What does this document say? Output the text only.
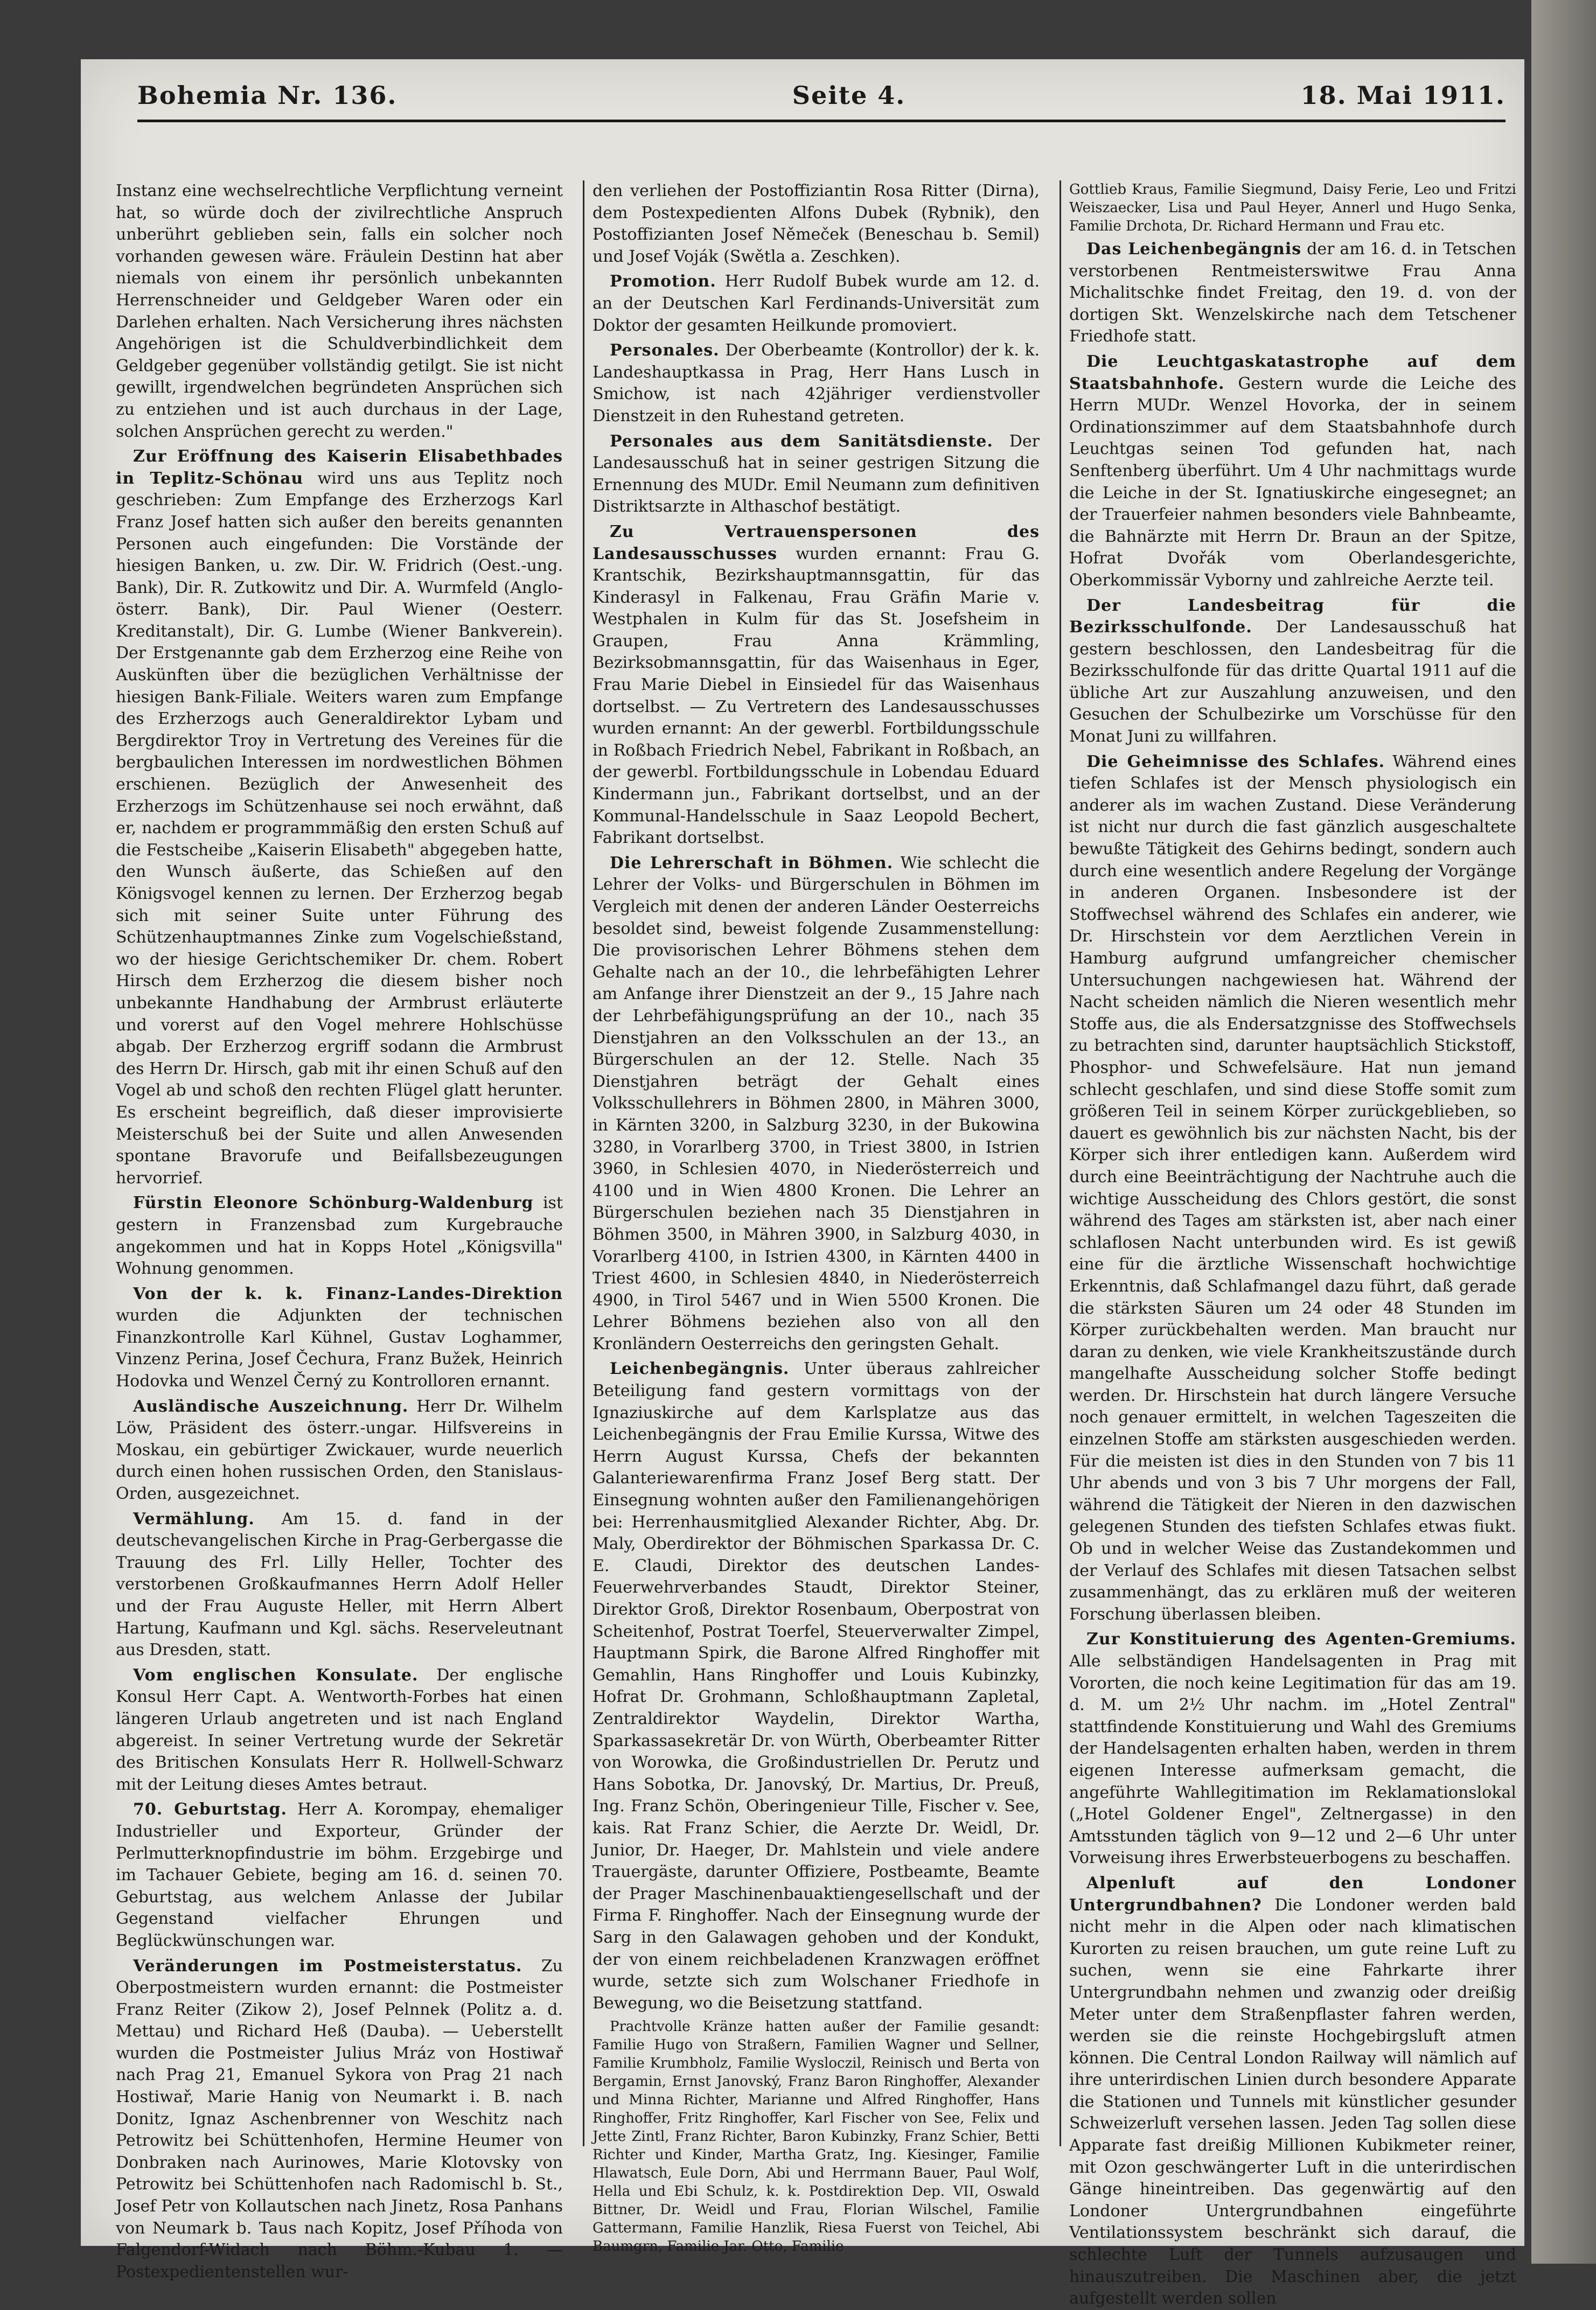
Bohemia Nr. 136.	Seite 4.	18. Mai 1911.

Instanz eine wechselrechtliche Verpflichtung verneint hat, so würde doch der zivilrechtliche Anspruch unberührt geblieben sein, falls ein solcher noch vorhanden gewesen wäre. Fräulein Destinn hat aber niemals von einem ihr persönlich unbekannten Herrenschneider und Geldgeber Waren oder ein Darlehen erhalten. Nach Versicherung ihres nächsten Angehörigen ist die Schuldverbindlichkeit dem Geldgeber gegenüber vollständig getilgt. Sie ist nicht gewillt, irgendwelchen begründeten Ansprüchen sich zu entziehen und ist auch durchaus in der Lage, solchen Ansprüchen gerecht zu werden."

Zur Eröffnung des Kaiserin Elisabethbades in Teplitz-Schönau wird uns aus Teplitz noch geschrieben: Zum Empfange des Erzherzogs Karl Franz Josef hatten sich außer den bereits genannten Personen auch eingefunden: Die Vorstände der hiesigen Banken, u. zw. Dir. W. Fridrich (Oest.-ung. Bank), Dir. R. Zutkowitz und Dir. A. Wurmfeld (Anglo-österr. Bank), Dir. Paul Wiener (Oesterr. Kreditanstalt), Dir. G. Lumbe (Wiener Bankverein). Der Erstgenannte gab dem Erzherzog eine Reihe von Auskünften über die bezüglichen Verhältnisse der hiesigen Bank-Filiale. Weiters waren zum Empfange des Erzherzogs auch Generaldirektor Lybam und Bergdirektor Troy in Vertretung des Vereines für die bergbaulichen Interessen im nordwestlichen Böhmen erschienen. Bezüglich der Anwesenheit des Erzherzogs im Schützenhause sei noch erwähnt, daß er, nachdem er programmmäßig den ersten Schuß auf die Festscheibe „Kaiserin Elisabeth" abgegeben hatte, den Wunsch äußerte, das Schießen auf den Königsvogel kennen zu lernen. Der Erzherzog begab sich mit seiner Suite unter Führung des Schützenhauptmannes Zinke zum Vogelschießstand, wo der hiesige Gerichtschemiker Dr. chem. Robert Hirsch dem Erzherzog die diesem bisher noch unbekannte Handhabung der Armbrust erläuterte und vorerst auf den Vogel mehrere Hohlschüsse abgab. Der Erzherzog ergriff sodann die Armbrust des Herrn Dr. Hirsch, gab mit ihr einen Schuß auf den Vogel ab und schoß den rechten Flügel glatt herunter. Es erscheint begreiflich, daß dieser improvisierte Meisterschuß bei der Suite und allen Anwesenden spontane Bravorufe und Beifallsbezeugungen hervorrief.

Fürstin Eleonore Schönburg-Waldenburg ist gestern in Franzensbad zum Kurgebrauche angekommen und hat in Kopps Hotel „Königsvilla" Wohnung genommen.

Von der k. k. Finanz-Landes-Direktion wurden die Adjunkten der technischen Finanzkontrolle Karl Kühnel, Gustav Loghammer, Vinzenz Perina, Josef Čechura, Franz Bužek, Heinrich Hodovka und Wenzel Černý zu Kontrolloren ernannt.

Ausländische Auszeichnung. Herr Dr. Wilhelm Löw, Präsident des österr.-ungar. Hilfsvereins in Moskau, ein gebürtiger Zwickauer, wurde neuerlich durch einen hohen russischen Orden, den Stanislaus-Orden, ausgezeichnet.

Vermählung. Am 15. d. fand in der deutschevangelischen Kirche in Prag-Gerbergasse die Trauung des Frl. Lilly Heller, Tochter des verstorbenen Großkaufmannes Herrn Adolf Heller und der Frau Auguste Heller, mit Herrn Albert Hartung, Kaufmann und Kgl. sächs. Reserveleutnant aus Dresden, statt.

Vom englischen Konsulate. Der englische Konsul Herr Capt. A. Wentworth-Forbes hat einen längeren Urlaub angetreten und ist nach England abgereist. In seiner Vertretung wurde der Sekretär des Britischen Konsulats Herr R. Hollwell-Schwarz mit der Leitung dieses Amtes betraut.

70. Geburtstag. Herr A. Korompay, ehemaliger Industrieller und Exporteur, Gründer der Perlmutterknopfindustrie im böhm. Erzgebirge und im Tachauer Gebiete, beging am 16. d. seinen 70. Geburtstag, aus welchem Anlasse der Jubilar Gegenstand vielfacher Ehrungen und Beglückwünschungen war.

Veränderungen im Postmeisterstatus. Zu Oberpostmeistern wurden ernannt: die Postmeister Franz Reiter (Zikow 2), Josef Pelnnek (Politz a. d. Mettau) und Richard Heß (Dauba). — Ueberstellt wurden die Postmeister Julius Mráz von Hostiwař nach Prag 21, Emanuel Sykora von Prag 21 nach Hostiwař, Marie Hanig von Neumarkt i. B. nach Donitz, Ignaz Aschenbrenner von Weschitz nach Petrowitz bei Schüttenhofen, Hermine Heumer von Donbraken nach Aurinowes, Marie Klotovsky von Petrowitz bei Schüttenhofen nach Radomischl b. St., Josef Petr von Kollautschen nach Jinetz, Rosa Panhans von Neumark b. Taus nach Kopitz, Josef Příhoda von Falgendorf-Widach nach Böhm.-Kubau 1. — Postexpedientenstellen wur-

den verliehen der Postoffiziantin Rosa Ritter (Dirna), dem Postexpedienten Alfons Dubek (Rybnik), den Postoffizianten Josef Němeček (Beneschau b. Semil) und Josef Voják (Swětla a. Zeschken).

Promotion. Herr Rudolf Bubek wurde am 12. d. an der Deutschen Karl Ferdinands-Universität zum Doktor der gesamten Heilkunde promoviert.

Personales. Der Oberbeamte (Kontrollor) der k. k. Landeshauptkassa in Prag, Herr Hans Lusch in Smichow, ist nach 42jähriger verdienstvoller Dienstzeit in den Ruhestand getreten.

Personales aus dem Sanitätsdienste. Der Landesausschuß hat in seiner gestrigen Sitzung die Ernennung des MUDr. Emil Neumann zum definitiven Distriktsarzte in Althaschof bestätigt.

Zu Vertrauenspersonen des Landesausschusses wurden ernannt: Frau G. Krantschik, Bezirkshauptmannsgattin, für das Kinderasyl in Falkenau, Frau Gräfin Marie v. Westphalen in Kulm für das St. Josefsheim in Graupen, Frau Anna Krämmling, Bezirksobmannsgattin, für das Waisenhaus in Eger, Frau Marie Diebel in Einsiedel für das Waisenhaus dortselbst. — Zu Vertretern des Landesausschusses wurden ernannt: An der gewerbl. Fortbildungsschule in Roßbach Friedrich Nebel, Fabrikant in Roßbach, an der gewerbl. Fortbildungsschule in Lobendau Eduard Kindermann jun., Fabrikant dortselbst, und an der Kommunal-Handelsschule in Saaz Leopold Bechert, Fabrikant dortselbst.

Die Lehrerschaft in Böhmen. Wie schlecht die Lehrer der Volks- und Bürgerschulen in Böhmen im Vergleich mit denen der anderen Länder Oesterreichs besoldet sind, beweist folgende Zusammenstellung: Die provisorischen Lehrer Böhmens stehen dem Gehalte nach an der 10., die lehrbefähigten Lehrer am Anfange ihrer Dienstzeit an der 9., 15 Jahre nach der Lehrbefähigungsprüfung an der 10., nach 35 Dienstjahren an den Volksschulen an der 13., an Bürgerschulen an der 12. Stelle. Nach 35 Dienstjahren beträgt der Gehalt eines Volksschullehrers in Böhmen 2800, in Mähren 3000, in Kärnten 3200, in Salzburg 3230, in der Bukowina 3280, in Vorarlberg 3700, in Triest 3800, in Istrien 3960, in Schlesien 4070, in Niederösterreich und 4100 und in Wien 4800 Kronen. Die Lehrer an Bürgerschulen beziehen nach 35 Dienstjahren in Böhmen 3500, in Mähren 3900, in Salzburg 4030, in Vorarlberg 4100, in Istrien 4300, in Kärnten 4400 in Triest 4600, in Schlesien 4840, in Niederösterreich 4900, in Tirol 5467 und in Wien 5500 Kronen. Die Lehrer Böhmens beziehen also von all den Kronländern Oesterreichs den geringsten Gehalt.

Leichenbegängnis. Unter überaus zahlreicher Beteiligung fand gestern vormittags von der Ignaziuskirche auf dem Karlsplatze aus das Leichenbegängnis der Frau Emilie Kurssa, Witwe des Herrn August Kurssa, Chefs der bekannten Galanteriewarenfirma Franz Josef Berg statt. Der Einsegnung wohnten außer den Familienangehörigen bei: Herrenhausmitglied Alexander Richter, Abg. Dr. Maly, Oberdirektor der Böhmischen Sparkassa Dr. C. E. Claudi, Direktor des deutschen Landes-Feuerwehrverbandes Staudt, Direktor Steiner, Direktor Groß, Direktor Rosenbaum, Oberpostrat von Scheitenhof, Postrat Toerfel, Steuerverwalter Zimpel, Hauptmann Spirk, die Barone Alfred Ringhoffer mit Gemahlin, Hans Ringhoffer und Louis Kubinzky, Hofrat Dr. Grohmann, Schloßhauptmann Zapletal, Zentraldirektor Waydelin, Direktor Wartha, Sparkassasekretär Dr. von Würth, Oberbeamter Ritter von Worowka, die Großindustriellen Dr. Perutz und Hans Sobotka, Dr. Janovský, Dr. Martius, Dr. Preuß, Ing. Franz Schön, Oberingenieur Tille, Fischer v. See, kais. Rat Franz Schier, die Aerzte Dr. Weidl, Dr. Junior, Dr. Haeger, Dr. Mahlstein und viele andere Trauergäste, darunter Offiziere, Postbeamte, Beamte der Prager Maschinenbauaktiengesellschaft und der Firma F. Ringhoffer. Nach der Einsegnung wurde der Sarg in den Galawagen gehoben und der Kondukt, der von einem reichbeladenen Kranzwagen eröffnet wurde, setzte sich zum Wolschaner Friedhofe in Bewegung, wo die Beisetzung stattfand.

Prachtvolle Kränze hatten außer der Familie gesandt: Familie Hugo von Straßern, Familien Wagner und Sellner, Familie Krumbholz, Familie Wysloczil, Reinisch und Berta von Bergamin, Ernst Janovský, Franz Baron Ringhoffer, Alexander und Minna Richter, Marianne und Alfred Ringhoffer, Hans Ringhoffer, Fritz Ringhoffer, Karl Fischer von See, Felix und Jette Zintl, Franz Richter, Baron Kubinzky, Franz Schier, Betti Richter und Kinder, Martha Gratz, Ing. Kiesinger, Familie Hlawatsch, Eule Dorn, Abi und Herrmann Bauer, Paul Wolf, Hella und Ebi Schulz, k. k. Postdirektion Dep. VII, Oswald Bittner, Dr. Weidl und Frau, Florian Wilschel, Familie Gattermann, Familie Hanzlik, Riesa Fuerst von Teichel, Abi Baumgrn, Familie Jar. Otto, Familie

Gottlieb Kraus, Familie Siegmund, Daisy Ferie, Leo und Fritzi Weiszaecker, Lisa und Paul Heyer, Annerl und Hugo Senka, Familie Drchota, Dr. Richard Hermann und Frau etc.

Das Leichenbegängnis der am 16. d. in Tetschen verstorbenen Rentmeisterswitwe Frau Anna Michalitschke findet Freitag, den 19. d. von der dortigen Skt. Wenzelskirche nach dem Tetschener Friedhofe statt.

Die Leuchtgaskatastrophe auf dem Staatsbahnhofe. Gestern wurde die Leiche des Herrn MUDr. Wenzel Hovorka, der in seinem Ordinationszimmer auf dem Staatsbahnhofe durch Leuchtgas seinen Tod gefunden hat, nach Senftenberg überführt. Um 4 Uhr nachmittags wurde die Leiche in der St. Ignatiuskirche eingesegnet; an der Trauerfeier nahmen besonders viele Bahnbeamte, die Bahnärzte mit Herrn Dr. Braun an der Spitze, Hofrat Dvořák vom Oberlandesgerichte, Oberkommissär Vyborny und zahlreiche Aerzte teil.

Der Landesbeitrag für die Bezirksschulfonde. Der Landesausschuß hat gestern beschlossen, den Landesbeitrag für die Bezirksschulfonde für das dritte Quartal 1911 auf die übliche Art zur Auszahlung anzuweisen, und den Gesuchen der Schulbezirke um Vorschüsse für den Monat Juni zu willfahren.

Die Geheimnisse des Schlafes. Während eines tiefen Schlafes ist der Mensch physiologisch ein anderer als im wachen Zustand. Diese Veränderung ist nicht nur durch die fast gänzlich ausgeschaltete bewußte Tätigkeit des Gehirns bedingt, sondern auch durch eine wesentlich andere Regelung der Vorgänge in anderen Organen. Insbesondere ist der Stoffwechsel während des Schlafes ein anderer, wie Dr. Hirschstein vor dem Aerztlichen Verein in Hamburg aufgrund umfangreicher chemischer Untersuchungen nachgewiesen hat. Während der Nacht scheiden nämlich die Nieren wesentlich mehr Stoffe aus, die als Endersatzgnisse des Stoffwechsels zu betrachten sind, darunter hauptsächlich Stickstoff, Phosphor- und Schwefelsäure. Hat nun jemand schlecht geschlafen, und sind diese Stoffe somit zum größeren Teil in seinem Körper zurückgeblieben, so dauert es gewöhnlich bis zur nächsten Nacht, bis der Körper sich ihrer entledigen kann. Außerdem wird durch eine Beeinträchtigung der Nachtruhe auch die wichtige Ausscheidung des Chlors gestört, die sonst während des Tages am stärksten ist, aber nach einer schlaflosen Nacht unterbunden wird. Es ist gewiß eine für die ärztliche Wissenschaft hochwichtige Erkenntnis, daß Schlafmangel dazu führt, daß gerade die stärksten Säuren um 24 oder 48 Stunden im Körper zurückbehalten werden. Man braucht nur daran zu denken, wie viele Krankheitszustände durch mangelhafte Ausscheidung solcher Stoffe bedingt werden. Dr. Hirschstein hat durch längere Versuche noch genauer ermittelt, in welchen Tageszeiten die einzelnen Stoffe am stärksten ausgeschieden werden. Für die meisten ist dies in den Stunden von 7 bis 11 Uhr abends und von 3 bis 7 Uhr morgens der Fall, während die Tätigkeit der Nieren in den dazwischen gelegenen Stunden des tiefsten Schlafes etwas fiukt. Ob und in welcher Weise das Zustandekommen und der Verlauf des Schlafes mit diesen Tatsachen selbst zusammenhängt, das zu erklären muß der weiteren Forschung überlassen bleiben.

Zur Konstituierung des Agenten-Gremiums. Alle selbständigen Handelsagenten in Prag mit Vororten, die noch keine Legitimation für das am 19. d. M. um 2½ Uhr nachm. im „Hotel Zentral" stattfindende Konstituierung und Wahl des Gremiums der Handelsagenten erhalten haben, werden in threm eigenen Interesse aufmerksam gemacht, die angeführte Wahllegitimation im Reklamationslokal („Hotel Goldener Engel", Zeltnergasse) in den Amtsstunden täglich von 9—12 und 2—6 Uhr unter Vorweisung ihres Erwerbsteuerbogens zu beschaffen.

Alpenluft auf den Londoner Untergrundbahnen? Die Londoner werden bald nicht mehr in die Alpen oder nach klimatischen Kurorten zu reisen brauchen, um gute reine Luft zu suchen, wenn sie eine Fahrkarte ihrer Untergrundbahn nehmen und zwanzig oder dreißig Meter unter dem Straßenpflaster fahren werden, werden sie die reinste Hochgebirgsluft atmen können. Die Central London Railway will nämlich auf ihre unterirdischen Linien durch besondere Apparate die Stationen und Tunnels mit künstlicher gesunder Schweizerluft versehen lassen. Jeden Tag sollen diese Apparate fast dreißig Millionen Kubikmeter reiner, mit Ozon geschwängerter Luft in die unterirdischen Gänge hineintreiben. Das gegenwärtig auf den Londoner Untergrundbahnen eingeführte Ventilationssystem beschränkt sich darauf, die schlechte Luft der Tunnels aufzusaugen und hinauszutreiben. Die Maschinen aber, die jetzt aufgestellt werden sollen
